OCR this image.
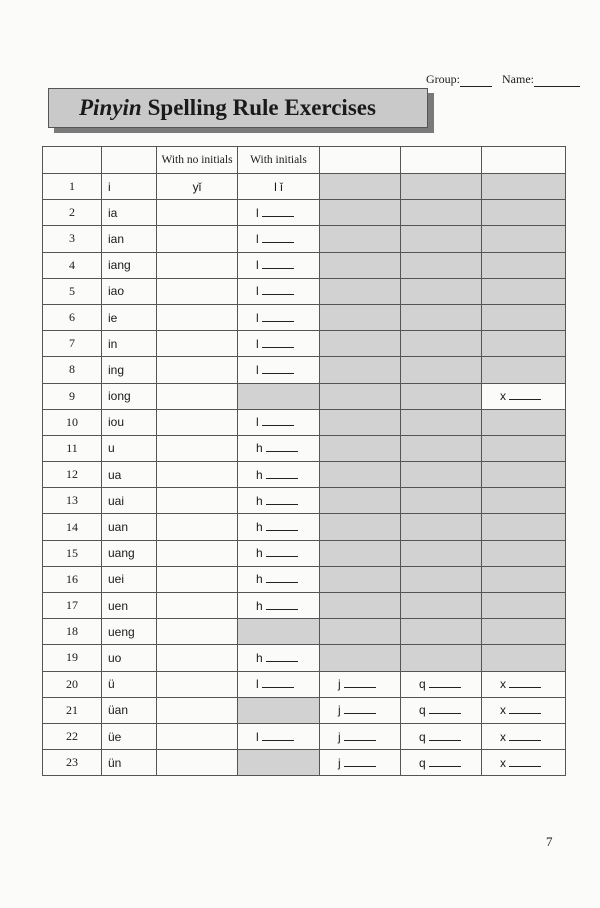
Group:	Name:
Pinyin Spelling Rule Exercises
		With no initials	With initials			
1	i	yǐ	l ǐ			
2	ia		l			
3	ian		l			
4	iang		l			
5	iao		l			
6	ie		l			
7	in		l			
8	ing		l			
9	iong					x
10	iou		l			
11	u		h			
12	ua		h			
13	uai		h			
14	uan		h			
15	uang		h			
16	uei		h			
17	uen		h			
18	ueng					
19	uo		h			
20	ü		l	j	q	x
21	üan			j	q	x
22	üe		l	j	q	x
23	ün			j	q	x
7
